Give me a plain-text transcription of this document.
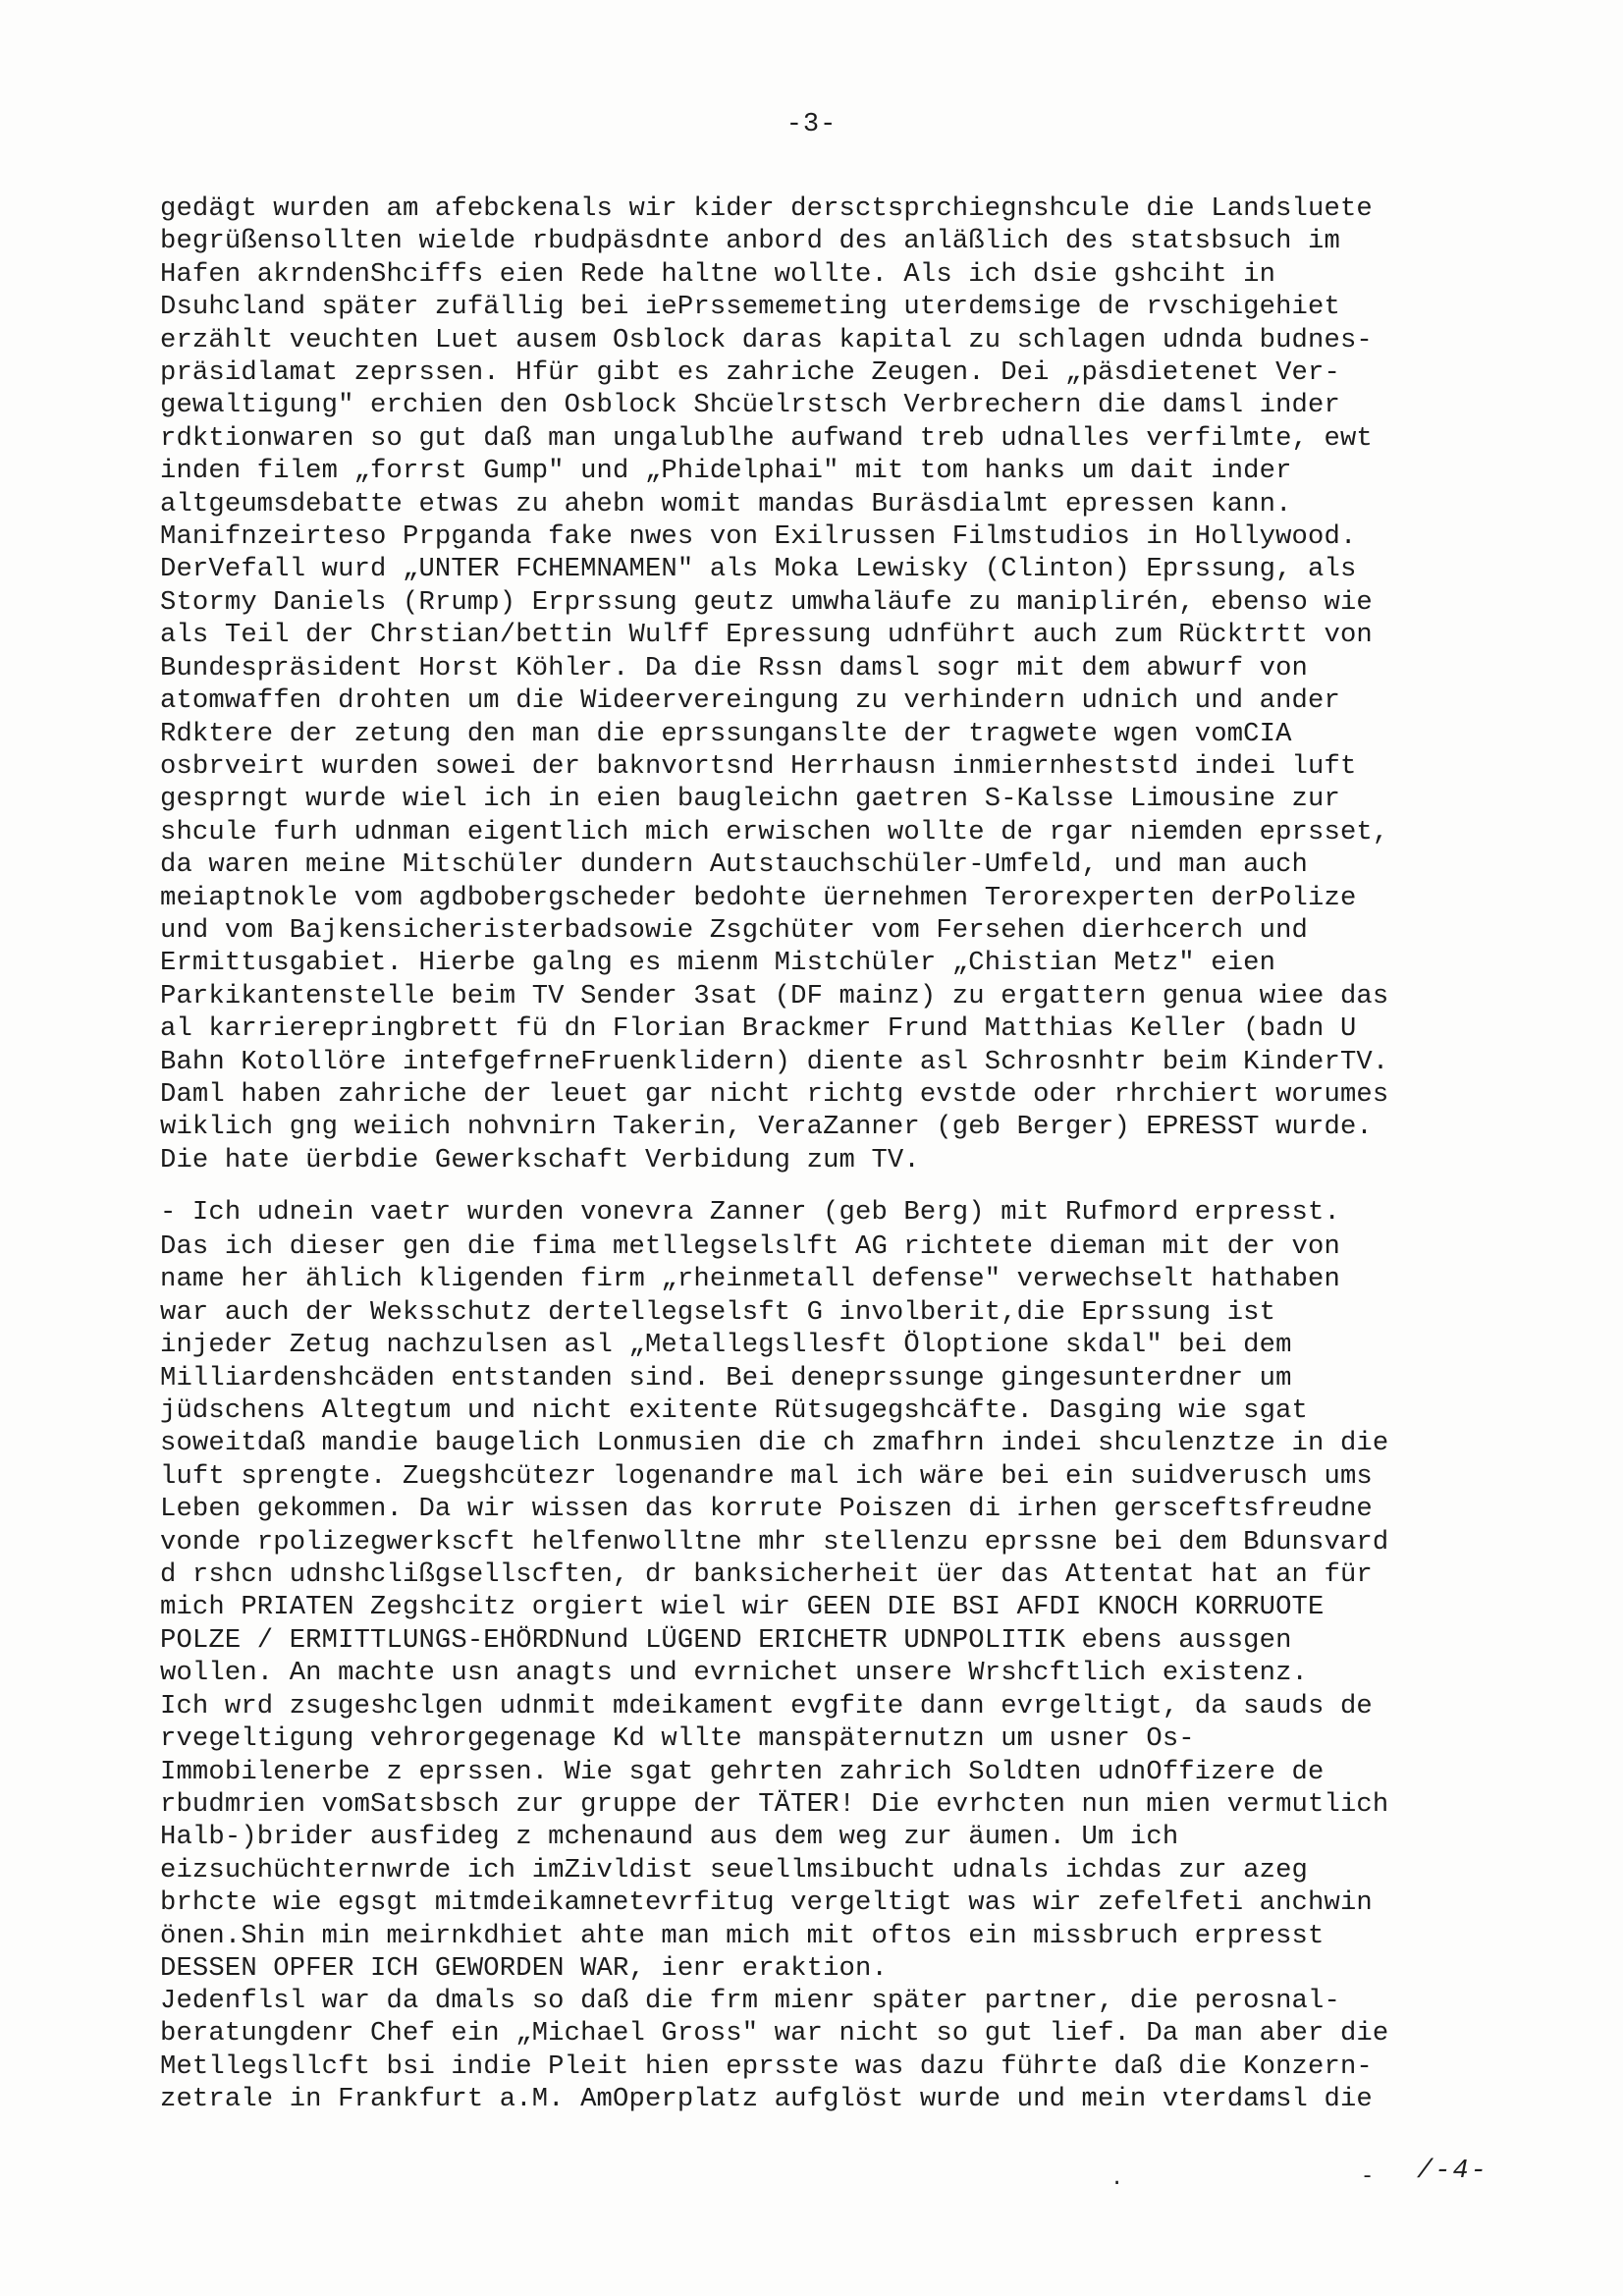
-3-
gedägt wurden am afebckenals wir kider dersctsprchiegnshcule die Landsluete
begrüßensollten wielde rbudpäsdnte anbord des anläßlich des statsbsuch im
Hafen akrndenShciffs eien Rede haltne wollte. Als ich dsie gshciht in
Dsuhcland später zufällig bei iePrssememeting uterdemsige de rvschigehiet
erzählt veuchten Luet ausem Osblock daras kapital zu schlagen udnda budnes-
präsidlamat zeprssen. Hfür gibt es zahriche Zeugen. Dei „päsdietenet Ver-
gewaltigung" erchien den Osblock Shcüelrstsch Verbrechern die damsl inder
rdktionwaren so gut daß man ungalublhe aufwand treb udnalles verfilmte, ewt
inden filem „forrst Gump" und „Phidelphai" mit tom hanks um dait inder
altgeumsdebatte etwas zu ahebn womit mandas Buräsdialmt epressen kann.
Manifnzeirteso Prpganda fake nwes von Exilrussen Filmstudios in Hollywood.
DerVefall wurd „UNTER FCHEMNAMEN" als Moka Lewisky (Clinton) Eprssung, als
Stormy Daniels (Rrump) Erprssung geutz umwhaläufe zu maniplirén, ebenso wie
als Teil der Chrstian/bettin Wulff Epressung udnführt auch zum Rücktrtt von
Bundespräsident Horst Köhler. Da die Rssn damsl sogr mit dem abwurf von
atomwaffen drohten um die Wideervereingung zu verhindern udnich und ander
Rdktere der zetung den man die eprssunganslte der tragwete wgen vomCIA
osbrveirt wurden sowei der baknvortsnd Herrhausn inmiernheststd indei luft
gesprngt wurde wiel ich in eien baugleichn gaetren S-Kalsse Limousine zur
shcule furh udnman eigentlich mich erwischen wollte de rgar niemden eprsset,
da waren meine Mitschüler dundern Autstauchschüler-Umfeld, und man auch
meiaptnokle vom agdbobergscheder bedohte üernehmen Terorexperten derPolize
und vom Bajkensicheristerbadsowie Zsgchüter vom Fersehen dierhcerch und
Ermittusgabiet. Hierbe galng es mienm Mistchüler „Chistian Metz" eien
Parkikantenstelle beim TV Sender 3sat (DF mainz) zu ergattern genua wiee das
al karrierepringbrett fü dn Florian Brackmer Frund Matthias Keller (badn U
Bahn Kotollöre intefgefrneFruenklidern) diente asl Schrosnhtr beim KinderTV.
Daml haben zahriche der leuet gar nicht richtg evstde oder rhrchiert worumes
wiklich gng weiich nohvnirn Takerin, VeraZanner (geb Berger) EPRESST wurde.
Die hate üerbdie Gewerkschaft Verbidung zum TV.
- Ich udnein vaetr wurden vonevra Zanner (geb Berg) mit Rufmord erpresst.
Das ich dieser gen die fima metllegselslft AG richtete dieman mit der von
name her ählich kligenden firm „rheinmetall defense" verwechselt hathaben
war auch der Weksschutz dertellegselsft G involberit,die Eprssung ist
injeder Zetug nachzulsen asl „Metallegsllesft Öloptione skdal" bei dem
Milliardenshcäden entstanden sind. Bei deneprssunge gingesunterdner um
jüdschens Altegtum und nicht exitente Rütsugegshcäfte. Dasging wie sgat
soweitdaß mandie baugelich Lonmusien die ch zmafhrn indei shculenztze in die
luft sprengte. Zuegshcütezr logenandre mal ich wäre bei ein suidverusch ums
Leben gekommen. Da wir wissen das korrute Poiszen di irhen gersceftsfreudne
vonde rpolizegwerkscft helfenwolltne mhr stellenzu eprssne bei dem Bdunsvard
d rshcn udnshclißgsellscften, dr banksicherheit üer das Attentat hat an für
mich PRIATEN Zegshcitz orgiert wiel wir GEEN DIE BSI AFDI KNOCH KORRUOTE
POLZE / ERMITTLUNGS-EHÖRDNund LÜGEND ERICHETR UDNPOLITIK ebens aussgen
wollen. An machte usn anagts und evrnichet unsere Wrshcftlich existenz.
Ich wrd zsugeshclgen udnmit mdeikament evgfite dann evrgeltigt, da sauds de
rvegeltigung vehrorgegenage Kd wllte manspäternutzn um usner Os-
Immobilenerbe z eprssen. Wie sgat gehrten zahrich Soldten udnOffizere de
rbudmrien vomSatsbsch zur gruppe der TÄTER! Die evrhcten nun mien vermutlich
Halb-)brider ausfideg z mchenaund aus dem weg zur äumen. Um ich
eizsuchüchternwrde ich imZivldist seuellmsibucht udnals ichdas zur azeg
brhcte wie egsgt mitmdeikamnetevrfitug vergeltigt was wir zefelfeti anchwin
önen.Shin min meirnkdhiet ahte man mich mit oftos ein missbruch erpresst
DESSEN OPFER ICH GEWORDEN WAR, ienr eraktion.
Jedenflsl war da dmals so daß die frm mienr später partner, die perosnal-
beratungdenr Chef ein „Michael Gross" war nicht so gut lief. Da man aber die
Metllegsllcft bsi indie Pleit hien eprsste was dazu führte daß die Konzern-
zetrale in Frankfurt a.M. AmOperplatz aufglöst wurde und mein vterdamsl die
.	- /-4-
